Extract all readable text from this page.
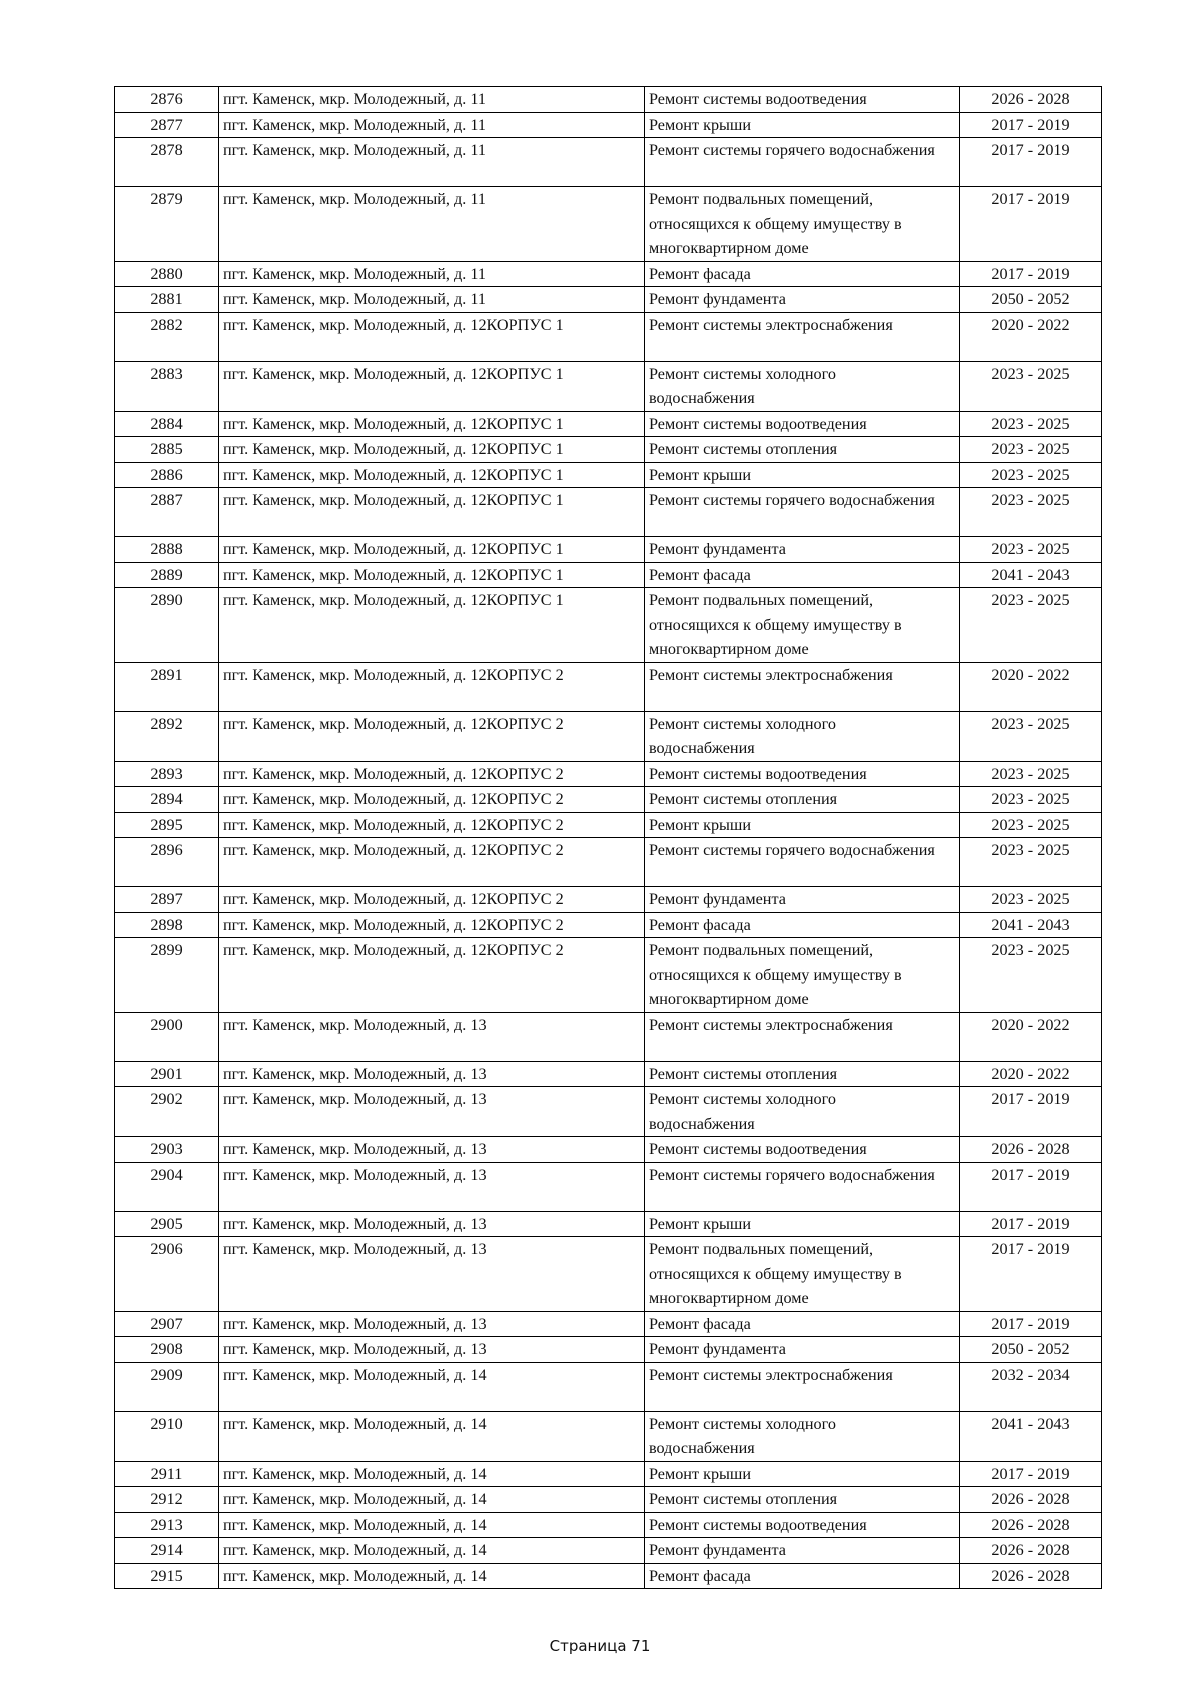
2876	пгт. Каменск, мкр. Молодежный, д. 11	Ремонт системы водоотведения	2026 - 2028
2877	пгт. Каменск, мкр. Молодежный, д. 11	Ремонт крыши	2017 - 2019
2878	пгт. Каменск, мкр. Молодежный, д. 11	Ремонт системы горячего водоснабжения	2017 - 2019
2879	пгт. Каменск, мкр. Молодежный, д. 11	Ремонт подвальных помещений, относящихся к общему имуществу в многоквартирном доме	2017 - 2019
2880	пгт. Каменск, мкр. Молодежный, д. 11	Ремонт фасада	2017 - 2019
2881	пгт. Каменск, мкр. Молодежный, д. 11	Ремонт фундамента	2050 - 2052
2882	пгт. Каменск, мкр. Молодежный, д. 12КОРПУС 1	Ремонт системы электроснабжения	2020 - 2022
2883	пгт. Каменск, мкр. Молодежный, д. 12КОРПУС 1	Ремонт системы холодного водоснабжения	2023 - 2025
2884	пгт. Каменск, мкр. Молодежный, д. 12КОРПУС 1	Ремонт системы водоотведения	2023 - 2025
2885	пгт. Каменск, мкр. Молодежный, д. 12КОРПУС 1	Ремонт системы отопления	2023 - 2025
2886	пгт. Каменск, мкр. Молодежный, д. 12КОРПУС 1	Ремонт крыши	2023 - 2025
2887	пгт. Каменск, мкр. Молодежный, д. 12КОРПУС 1	Ремонт системы горячего водоснабжения	2023 - 2025
2888	пгт. Каменск, мкр. Молодежный, д. 12КОРПУС 1	Ремонт фундамента	2023 - 2025
2889	пгт. Каменск, мкр. Молодежный, д. 12КОРПУС 1	Ремонт фасада	2041 - 2043
2890	пгт. Каменск, мкр. Молодежный, д. 12КОРПУС 1	Ремонт подвальных помещений, относящихся к общему имуществу в многоквартирном доме	2023 - 2025
2891	пгт. Каменск, мкр. Молодежный, д. 12КОРПУС 2	Ремонт системы электроснабжения	2020 - 2022
2892	пгт. Каменск, мкр. Молодежный, д. 12КОРПУС 2	Ремонт системы холодного водоснабжения	2023 - 2025
2893	пгт. Каменск, мкр. Молодежный, д. 12КОРПУС 2	Ремонт системы водоотведения	2023 - 2025
2894	пгт. Каменск, мкр. Молодежный, д. 12КОРПУС 2	Ремонт системы отопления	2023 - 2025
2895	пгт. Каменск, мкр. Молодежный, д. 12КОРПУС 2	Ремонт крыши	2023 - 2025
2896	пгт. Каменск, мкр. Молодежный, д. 12КОРПУС 2	Ремонт системы горячего водоснабжения	2023 - 2025
2897	пгт. Каменск, мкр. Молодежный, д. 12КОРПУС 2	Ремонт фундамента	2023 - 2025
2898	пгт. Каменск, мкр. Молодежный, д. 12КОРПУС 2	Ремонт фасада	2041 - 2043
2899	пгт. Каменск, мкр. Молодежный, д. 12КОРПУС 2	Ремонт подвальных помещений, относящихся к общему имуществу в многоквартирном доме	2023 - 2025
2900	пгт. Каменск, мкр. Молодежный, д. 13	Ремонт системы электроснабжения	2020 - 2022
2901	пгт. Каменск, мкр. Молодежный, д. 13	Ремонт системы отопления	2020 - 2022
2902	пгт. Каменск, мкр. Молодежный, д. 13	Ремонт системы холодного водоснабжения	2017 - 2019
2903	пгт. Каменск, мкр. Молодежный, д. 13	Ремонт системы водоотведения	2026 - 2028
2904	пгт. Каменск, мкр. Молодежный, д. 13	Ремонт системы горячего водоснабжения	2017 - 2019
2905	пгт. Каменск, мкр. Молодежный, д. 13	Ремонт крыши	2017 - 2019
2906	пгт. Каменск, мкр. Молодежный, д. 13	Ремонт подвальных помещений, относящихся к общему имуществу в многоквартирном доме	2017 - 2019
2907	пгт. Каменск, мкр. Молодежный, д. 13	Ремонт фасада	2017 - 2019
2908	пгт. Каменск, мкр. Молодежный, д. 13	Ремонт фундамента	2050 - 2052
2909	пгт. Каменск, мкр. Молодежный, д. 14	Ремонт системы электроснабжения	2032 - 2034
2910	пгт. Каменск, мкр. Молодежный, д. 14	Ремонт системы холодного водоснабжения	2041 - 2043
2911	пгт. Каменск, мкр. Молодежный, д. 14	Ремонт крыши	2017 - 2019
2912	пгт. Каменск, мкр. Молодежный, д. 14	Ремонт системы отопления	2026 - 2028
2913	пгт. Каменск, мкр. Молодежный, д. 14	Ремонт системы водоотведения	2026 - 2028
2914	пгт. Каменск, мкр. Молодежный, д. 14	Ремонт фундамента	2026 - 2028
2915	пгт. Каменск, мкр. Молодежный, д. 14	Ремонт фасада	2026 - 2028
Страница 71
